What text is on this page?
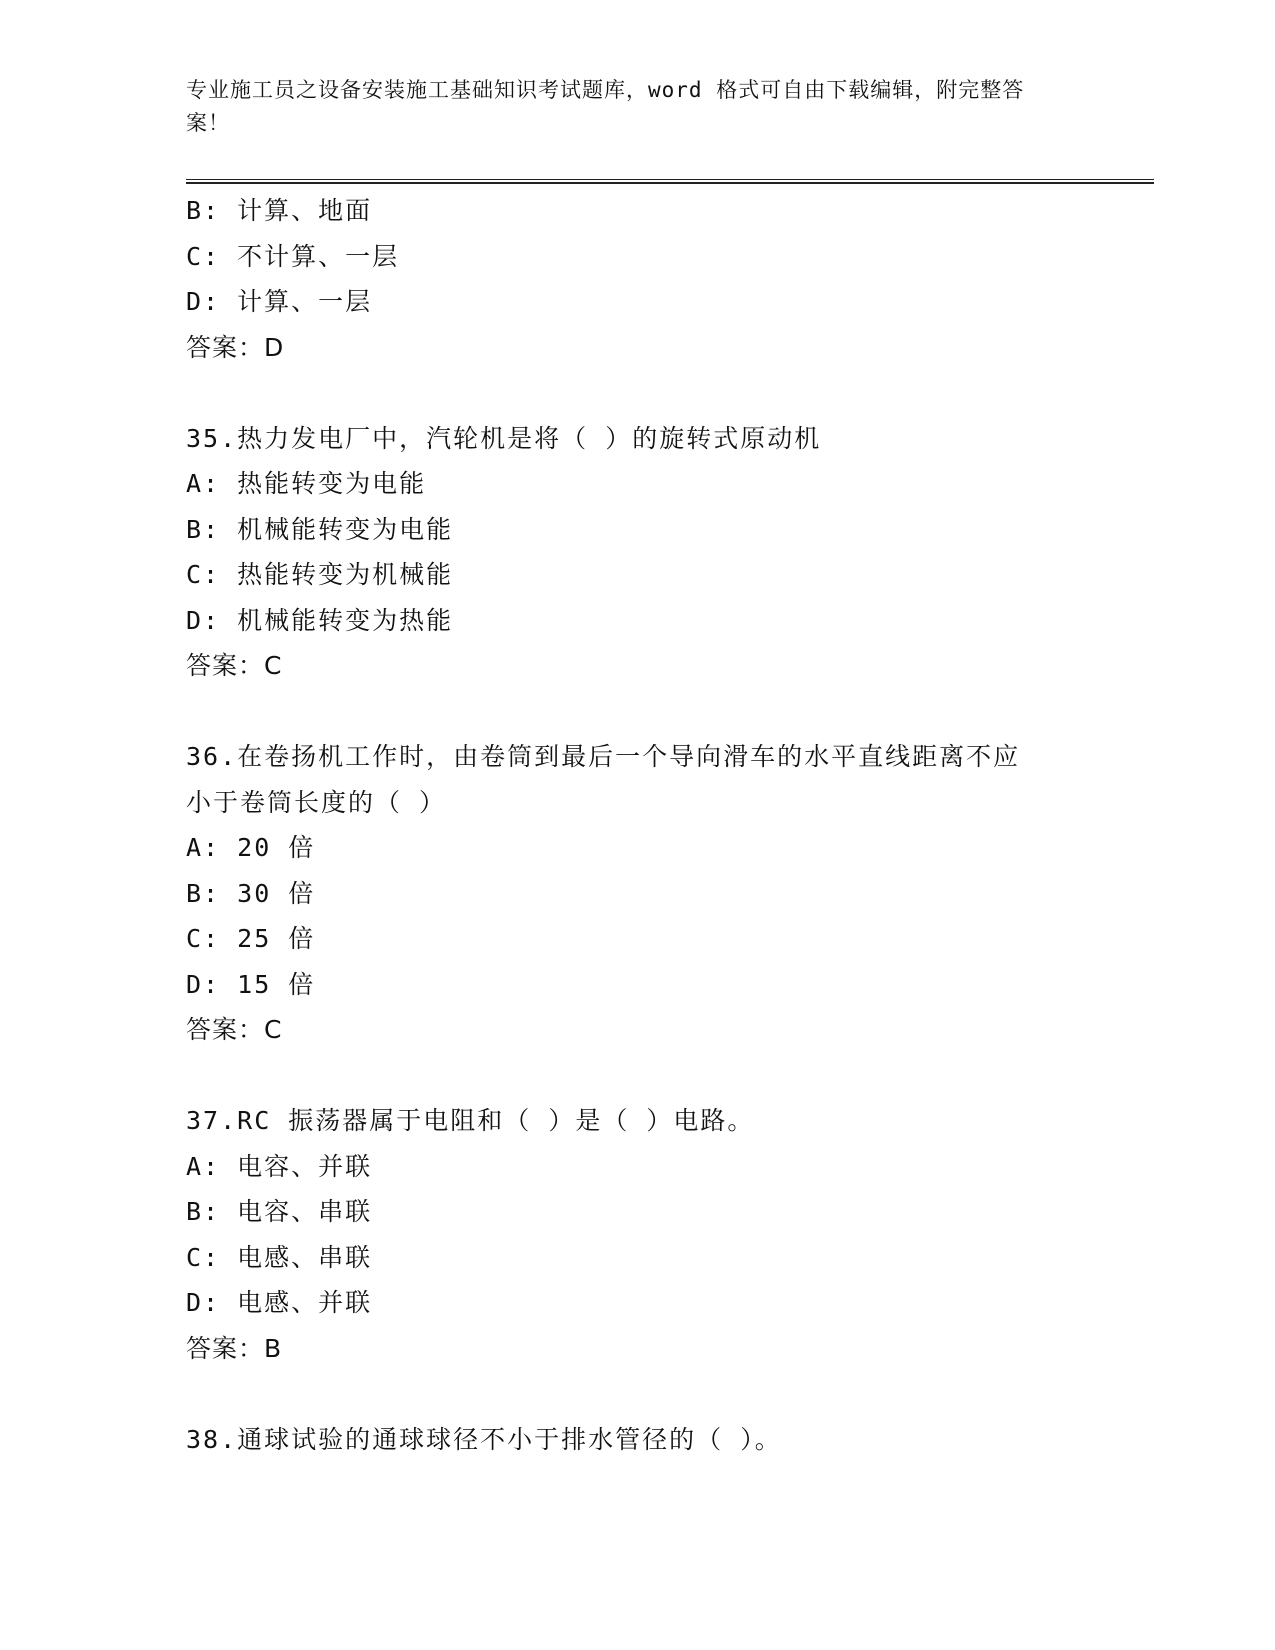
专业施工员之设备安装施工基础知识考试题库，word 格式可自由下载编辑，附完整答案！
B: 计算、地面
C: 不计算、一层
D: 计算、一层
答案：D
35.热力发电厂中，汽轮机是将（ ）的旋转式原动机
A: 热能转变为电能
B: 机械能转变为电能
C: 热能转变为机械能
D: 机械能转变为热能
答案：C
36.在卷扬机工作时，由卷筒到最后一个导向滑车的水平直线距离不应
小于卷筒长度的（ ）
A: 20 倍
B: 30 倍
C: 25 倍
D: 15 倍
答案：C
37.RC 振荡器属于电阻和（ ）是（ ）电路。
A: 电容、并联
B: 电容、串联
C: 电感、串联
D: 电感、并联
答案：B
38.通球试验的通球球径不小于排水管径的（ ）。
